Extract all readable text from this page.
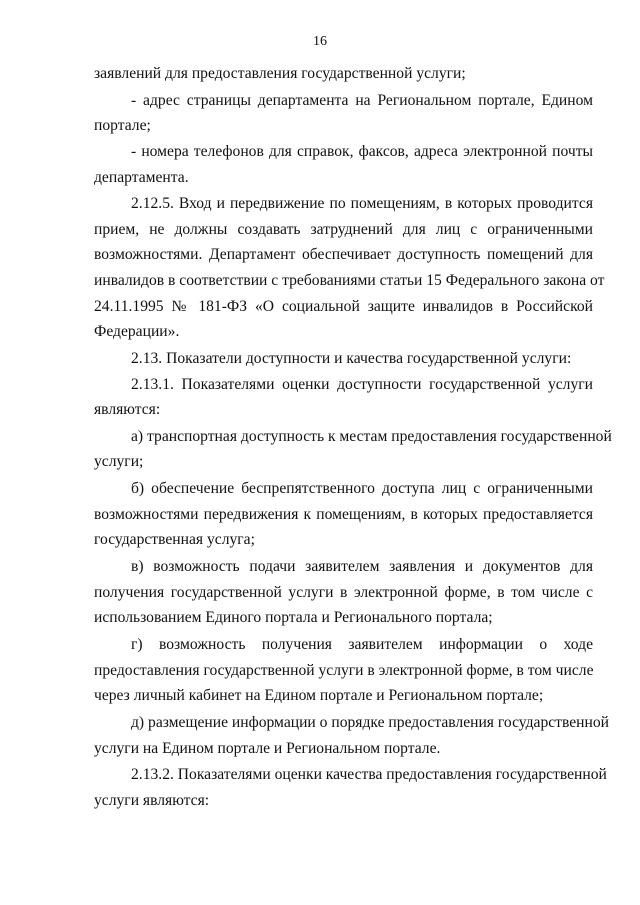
16
заявлений для предоставления государственной услуги;
- адрес страницы департамента на Региональном портале, Едином
портале;
- номера телефонов для справок, факсов, адреса электронной почты
департамента.
2.12.5. Вход и передвижение по помещениям, в которых проводится
прием, не должны создавать затруднений для лиц с ограниченными
возможностями. Департамент обеспечивает доступность помещений для
инвалидов в соответствии с требованиями статьи 15 Федерального закона от
24.11.1995 № 181-ФЗ «О социальной защите инвалидов в Российской
Федерации».
2.13. Показатели доступности и качества государственной услуги:
2.13.1. Показателями оценки доступности государственной услуги
являются:
а) транспортная доступность к местам предоставления государственной
услуги;
б) обеспечение беспрепятственного доступа лиц с ограниченными
возможностями передвижения к помещениям, в которых предоставляется
государственная услуга;
в) возможность подачи заявителем заявления и документов для
получения государственной услуги в электронной форме, в том числе с
использованием Единого портала и Регионального портала;
г) возможность получения заявителем информации о ходе
предоставления государственной услуги в электронной форме, в том числе
через личный кабинет на Едином портале и Региональном портале;
д) размещение информации о порядке предоставления государственной
услуги на Едином портале и Региональном портале.
2.13.2. Показателями оценки качества предоставления государственной
услуги являются:
